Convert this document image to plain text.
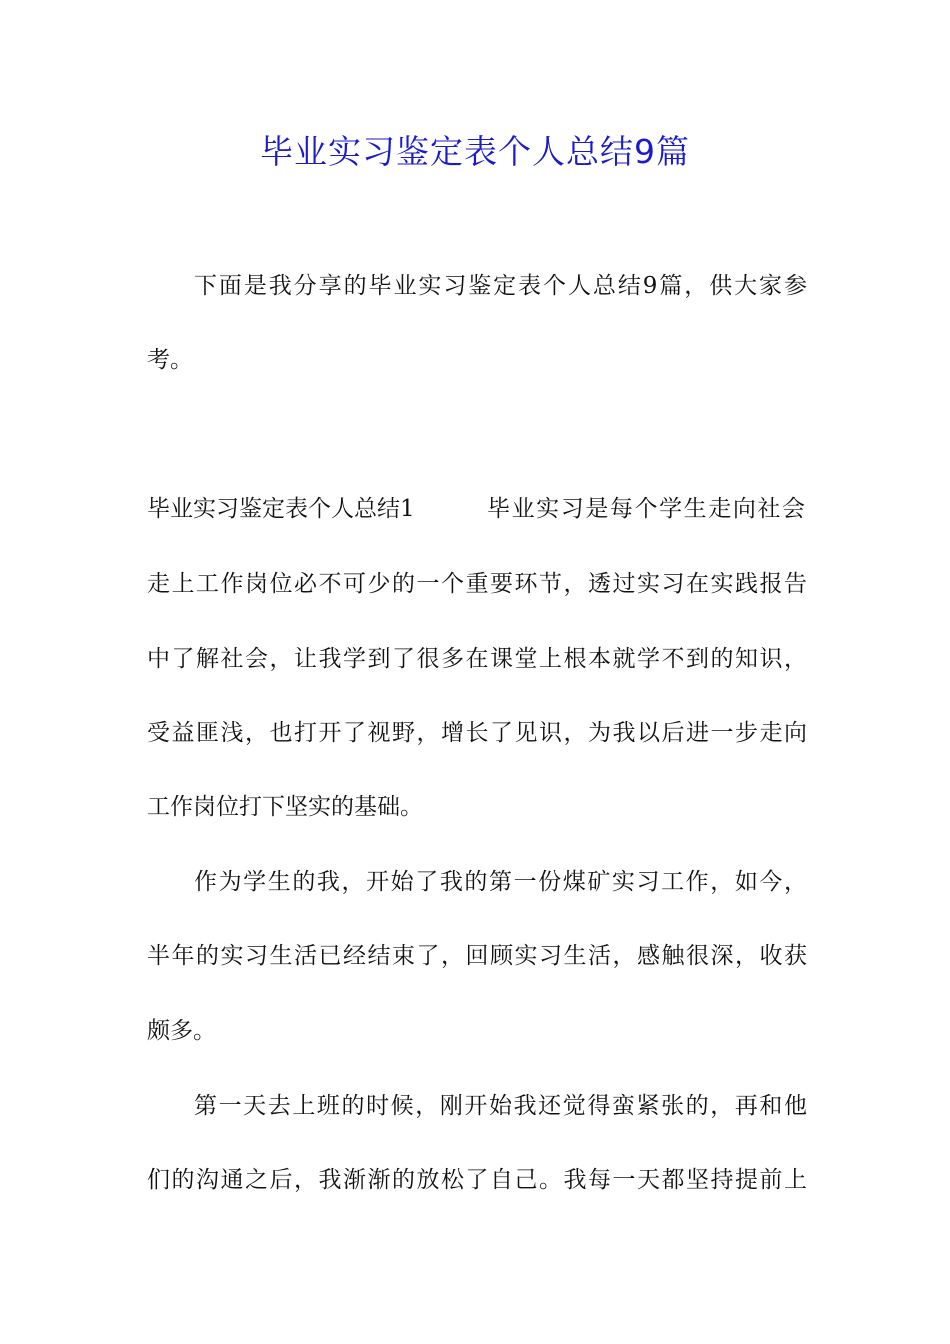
毕业实习鉴定表个人总结9篇
下面是我分享的毕业实习鉴定表个人总结9篇，供大家参
考。
毕业实习鉴定表个人总结1	毕业实习是每个学生走向社会
走上工作岗位必不可少的一个重要环节，透过实习在实践报告
中了解社会，让我学到了很多在课堂上根本就学不到的知识，
受益匪浅，也打开了视野，增长了见识，为我以后进一步走向
工作岗位打下坚实的基础。
作为学生的我，开始了我的第一份煤矿实习工作，如今，
半年的实习生活已经结束了，回顾实习生活，感触很深，收获
颇多。
第一天去上班的时候，刚开始我还觉得蛮紧张的，再和他
们的沟通之后，我渐渐的放松了自己。我每一天都坚持提前上
